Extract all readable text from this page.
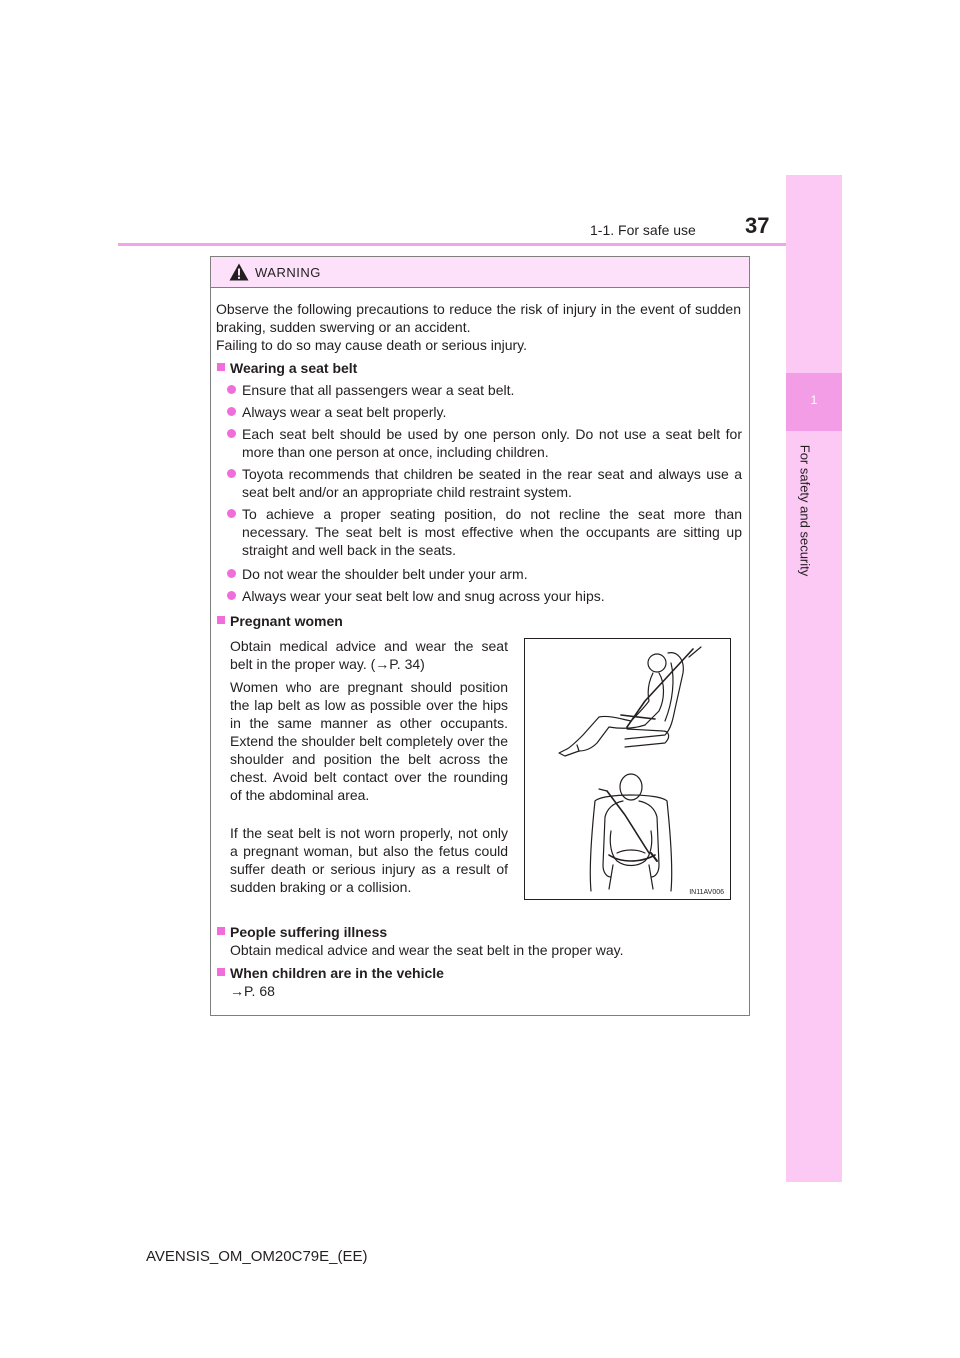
1-1. For safe use 37
1
For safety and security
WARNING

Observe the following precautions to reduce the risk of injury in the event of sudden braking, sudden swerving or an accident.

Failing to do so may cause death or serious injury.

Wearing a seat belt

Ensure that all passengers wear a seat belt.

Always wear a seat belt properly.

Each seat belt should be used by one person only. Do not use a seat belt for more than one person at once, including children.

Toyota recommends that children be seated in the rear seat and always use a seat belt and/or an appropriate child restraint system.

To achieve a proper seating position, do not recline the seat more than necessary. The seat belt is most effective when the occupants are sitting up straight and well back in the seats.

Do not wear the shoulder belt under your arm.

Always wear your seat belt low and snug across your hips.

Pregnant women

Obtain medical advice and wear the seat belt in the proper way. (→P. 34)

Women who are pregnant should position the lap belt as low as possible over the hips in the same manner as other occupants. Extend the shoulder belt completely over the shoulder and position the belt across the chest. Avoid belt contact over the rounding of the abdominal area.

If the seat belt is not worn properly, not only a pregnant woman, but also the fetus could suffer death or serious injury as a result of sudden braking or a collision.

People suffering illness

Obtain medical advice and wear the seat belt in the proper way.

When children are in the vehicle

→P. 68

IN11AV006
AVENSIS_OM_OM20C79E_(EE)
